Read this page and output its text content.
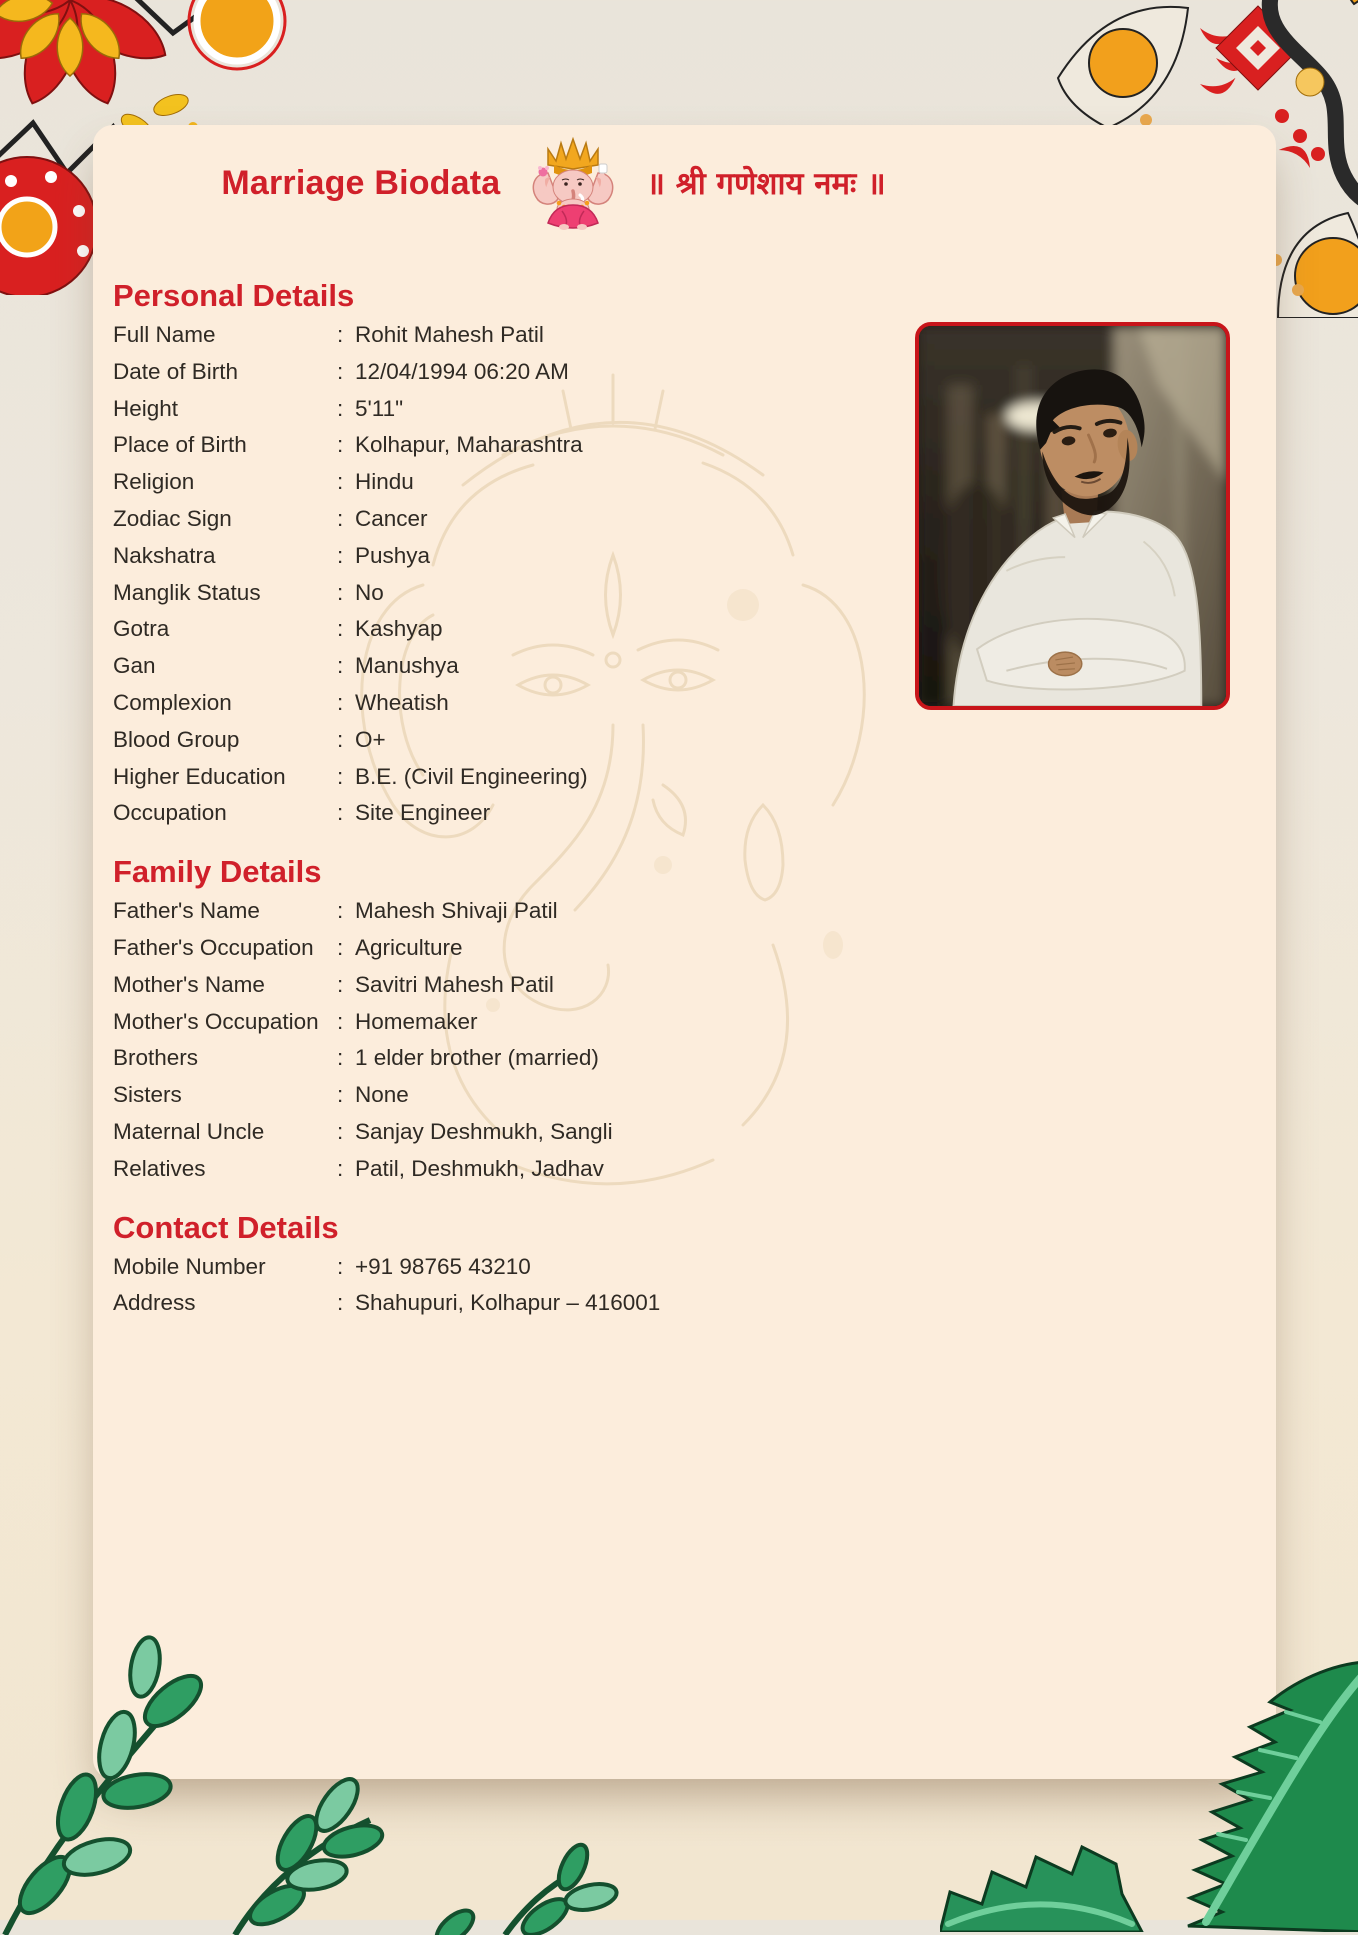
Marriage Biodata	॥ श्री गणेशाय नमः ॥
Personal Details
Full Name	: Rohit Mahesh Patil
Date of Birth	: 12/04/1994 06:20 AM
Height	: 5'11"
Place of Birth	: Kolhapur, Maharashtra
Religion	: Hindu
Zodiac Sign	: Cancer
Nakshatra	: Pushya
Manglik Status	: No
Gotra	: Kashyap
Gan	: Manushya
Complexion	: Wheatish
Blood Group	: O+
Higher Education	: B.E. (Civil Engineering)
Occupation	: Site Engineer
Family Details
Father's Name	: Mahesh Shivaji Patil
Father's Occupation	: Agriculture
Mother's Name	: Savitri Mahesh Patil
Mother's Occupation : Homemaker
Brothers	: 1 elder brother (married)
Sisters	: None
Maternal Uncle	: Sanjay Deshmukh, Sangli
Relatives	: Patil, Deshmukh, Jadhav
Contact Details
Mobile Number	: +91 98765 43210
Address	: Shahupuri, Kolhapur – 416001
